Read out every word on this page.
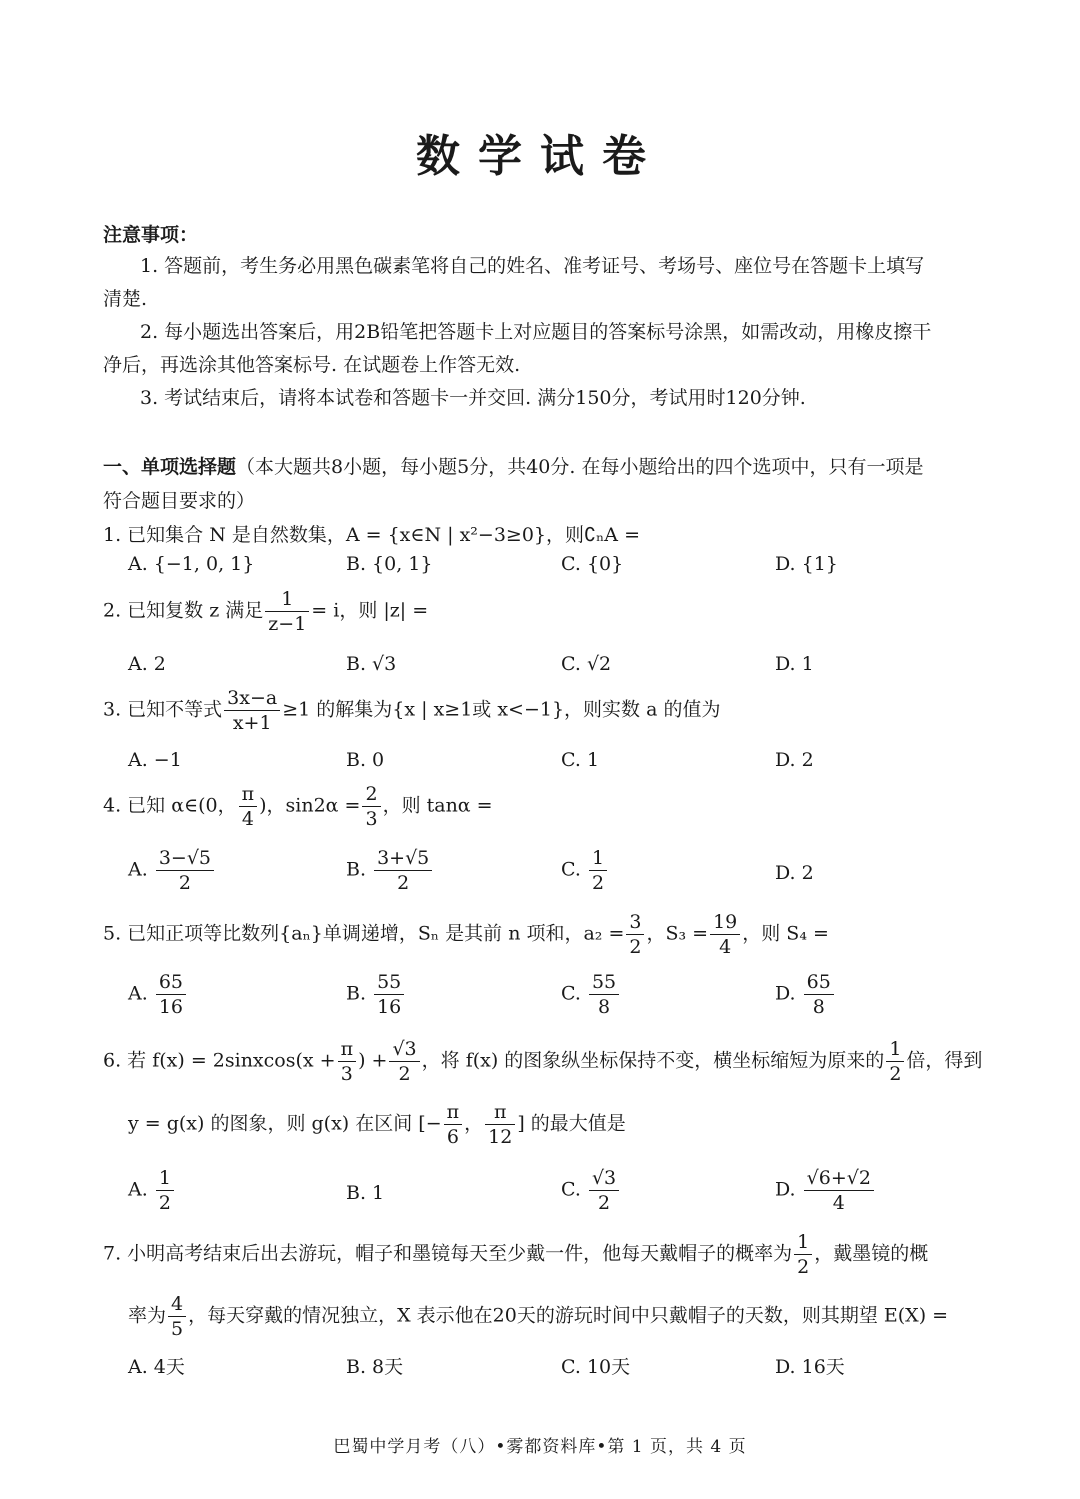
数学试卷
注意事项：
1. 答题前，考生务必用黑色碳素笔将自己的姓名、准考证号、考场号、座位号在答题卡上填写
清楚.
2. 每小题选出答案后，用2B铅笔把答题卡上对应题目的答案标号涂黑，如需改动，用橡皮擦干
净后，再选涂其他答案标号. 在试题卷上作答无效.
3. 考试结束后，请将本试卷和答题卡一并交回. 满分150分，考试用时120分钟.
一、单项选择题（本大题共8小题，每小题5分，共40分. 在每小题给出的四个选项中，只有一项是
符合题目要求的）
1. 已知集合 N 是自然数集，A = {x∈N | x²−3≥0}，则∁ₙA =
A. {−1, 0, 1}	B. {0, 1}	C. {0}	D. {1}
2. 已知复数 z 满足 $\frac{1}{z-1} = i$，则 |z| =
A. 2	B. √3	C. √2	D. 1
3. 已知不等式 $\frac{3x-a}{x+1} \ge 1$ 的解集为{x | x≥1或 x<−1}，则实数 a 的值为
A. −1	B. 0	C. 1	D. 2
4. 已知 α∈(0， $\frac{\pi}{4}$ )，$\sin 2\alpha = \frac{2}{3}$ ，则 tanα =
A. $\frac{3-√5}{2}$	B. $\frac{3+√5}{2}$	C. $\frac{1}{2}$	D. 2
5. 已知正项等比数列{aₙ}单调递增，Sₙ 是其前 n 项和，$a_2 = \frac{3}{2}$ ，$S_3 = \frac{19}{4}$ ，则 S₄ =
A. $\frac{65}{16}$	B. $\frac{55}{16}$	C. $\frac{55}{8}$	D. $\frac{65}{8}$
6. 若 f(x) = 2sinxcos(x + $\frac{\pi}{3}$ ) + $\frac{√3}{2}$ ，将 f(x) 的图象纵坐标保持不变，横坐标缩短为原来的 $\frac{1}{2}$ 倍，得到
y = g(x) 的图象，则 g(x) 在区间 [− $\frac{\pi}{6}$ ， $\frac{\pi}{12}$ ] 的最大值是
A. $\frac{1}{2}$	B. 1	C. $\frac{√3}{2}$	D. $\frac{√6+√2}{4}$
7. 小明高考结束后出去游玩，帽子和墨镜每天至少戴一件，他每天戴帽子的概率为 $\frac{1}{2}$ ，戴墨镜的概
率为 $\frac{4}{5}$ ，每天穿戴的情况独立，X 表示他在20天的游玩时间中只戴帽子的天数，则其期望 E(X) =
A. 4天	B. 8天	C. 10天	D. 16天
巴蜀中学月考（八）•雾都资料库•第 1 页，共 4 页
